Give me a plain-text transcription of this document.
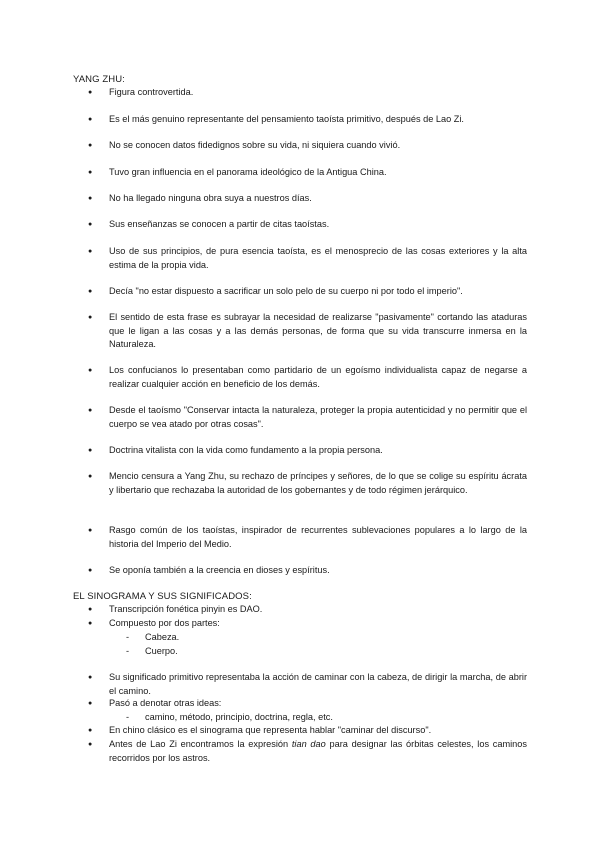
YANG ZHU:
● Figura controvertida.
● Es el más genuino representante del pensamiento taoísta primitivo, después de Lao Zi.
● No se conocen datos fidedignos sobre su vida, ni siquiera cuando vivió.
● Tuvo gran influencia en el panorama ideológico de la Antigua China.
● No ha llegado ninguna obra suya a nuestros días.
● Sus enseñanzas se conocen a partir de citas taoístas.
● Uso de sus principios, de pura esencia taoísta, es el menosprecio de las cosas exteriores y la alta estima de la propia vida.
● Decía "no estar dispuesto a sacrificar un solo pelo de su cuerpo ni por todo el imperio".
● El sentido de esta frase es subrayar la necesidad de realizarse "pasivamente" cortando las ataduras que le ligan a las cosas y a las demás personas, de forma que su vida transcurre inmersa en la Naturaleza.
● Los confucianos lo presentaban como partidario de un egoísmo individualista capaz de negarse a realizar cualquier acción en beneficio de los demás.
● Desde el taoísmo "Conservar intacta la naturaleza, proteger la propia autenticidad y no permitir que el cuerpo se vea atado por otras cosas".
● Doctrina vitalista con la vida como fundamento a la propia persona.
● Mencio censura a Yang Zhu, su rechazo de príncipes y señores, de lo que se colige su espíritu ácrata y libertario que rechazaba la autoridad de los gobernantes y de todo régimen jerárquico.
● Rasgo común de los taoístas, inspirador de recurrentes sublevaciones populares a lo largo de la historia del Imperio del Medio.
● Se oponía también a la creencia en dioses y espíritus.
EL SINOGRAMA Y SUS SIGNIFICADOS:
● Transcripción fonética pinyin es DAO.
● Compuesto por dos partes:
- Cabeza.
- Cuerpo.
● Su significado primitivo representaba la acción de caminar con la cabeza, de dirigir la marcha, de abrir el camino.
● Pasó a denotar otras ideas:
- camino, método, principio, doctrina, regla, etc.
● En chino clásico es el sinograma que representa hablar "caminar del discurso".
● Antes de Lao Zi encontramos la expresión tian dao para designar las órbitas celestes, los caminos recorridos por los astros.
